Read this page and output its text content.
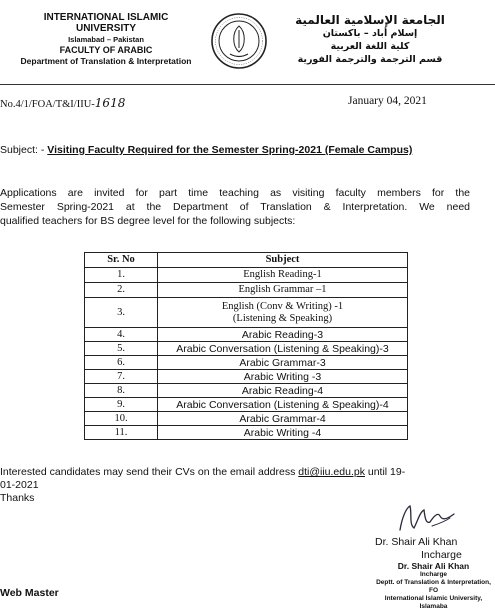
INTERNATIONAL ISLAMIC
UNIVERSITY
Islamabad – Pakistan
FACULTY OF ARABIC
Department of Translation & Interpretation
الجامعة الإسلامية العالمية
إسلام أباد – باكستان
كلية اللغة العربية
قسم الترجمة والترجمة الفورية
No.4/1/FOA/T&I/IIU-1618	January 04, 2021
Subject: - Visiting Faculty Required for the Semester Spring-2021 (Female Campus)
Applications are invited for part time teaching as visiting faculty members for the
Semester Spring-2021 at the Department of Translation & Interpretation. We need
qualified teachers for BS degree level for the following subjects:
Sr. No	Subject
1.	English Reading-1
2.	English Grammar –1
3.	English (Conv & Writing) -1
(Listening & Speaking)

4.	Arabic Reading-3
5.	Arabic Conversation (Listening & Speaking)-3
6.	Arabic Grammar-3
7.	Arabic Writing -3
8.	Arabic Reading-4
9.	Arabic Conversation (Listening & Speaking)-4
10.	Arabic Grammar-4
11.	Arabic Writing -4
Interested candidates may send their CVs on the email address dti@iiu.edu.pk until 19-
01-2021
Thanks
Dr. Shair Ali Khan
Incharge
Dr. Shair Ali Khan
Incharge
Deptt. of Translation & Interpretation, FO
International Islamic University, Islamaba
Web Master
